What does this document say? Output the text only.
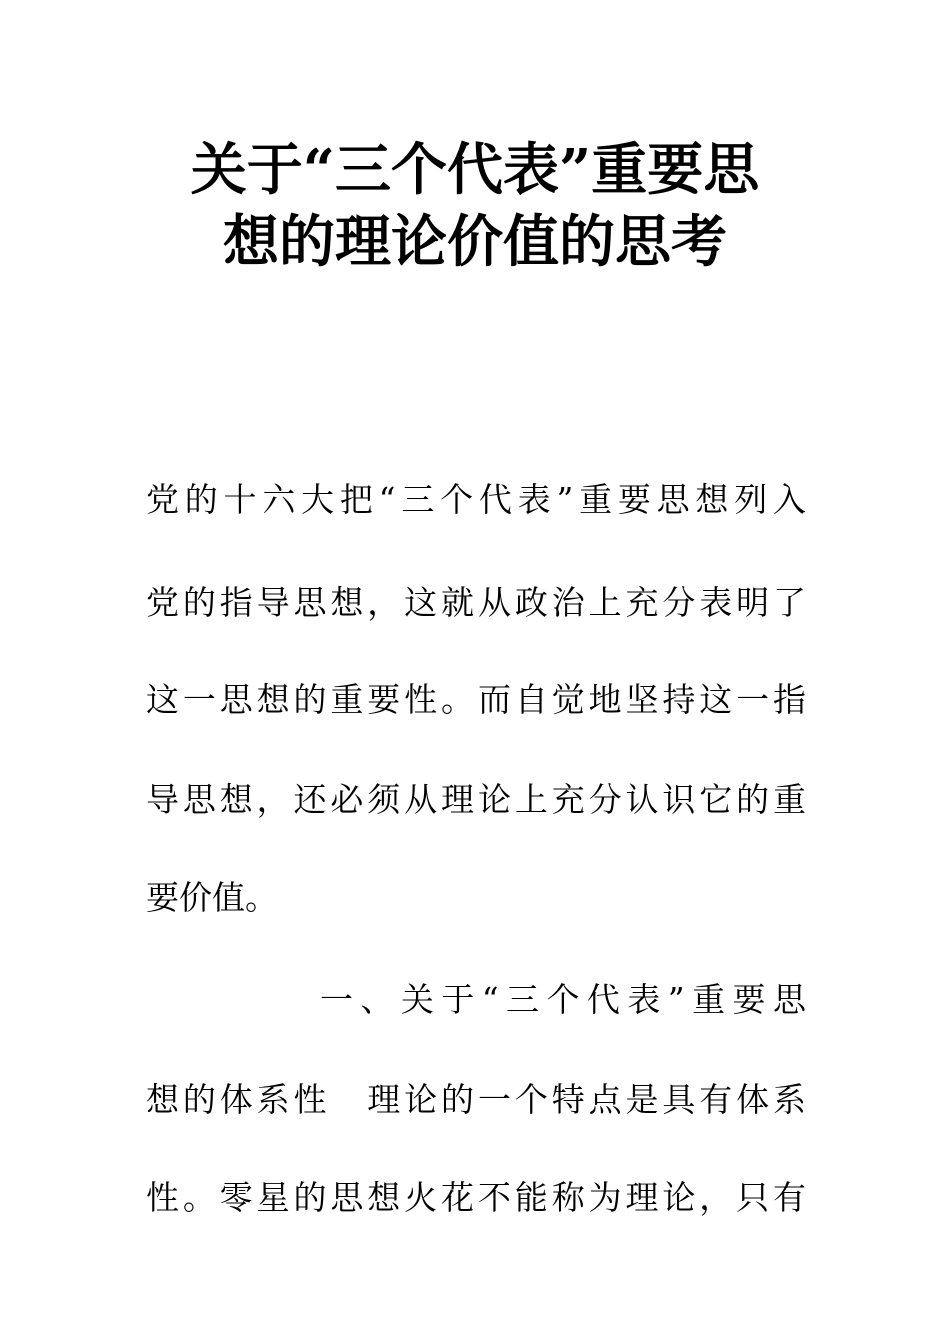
关于“三个代表”重要思
想的理论价值的思考

党的十六大把“三个代表”重要思想列入

党的指导思想，这就从政治上充分表明了

这一思想的重要性。而自觉地坚持这一指

导思想，还必须从理论上充分认识它的重

要价值。

一、关于“三个代表”重要思

想的体系性　理论的一个特点是具有体系

性。零星的思想火花不能称为理论，只有
